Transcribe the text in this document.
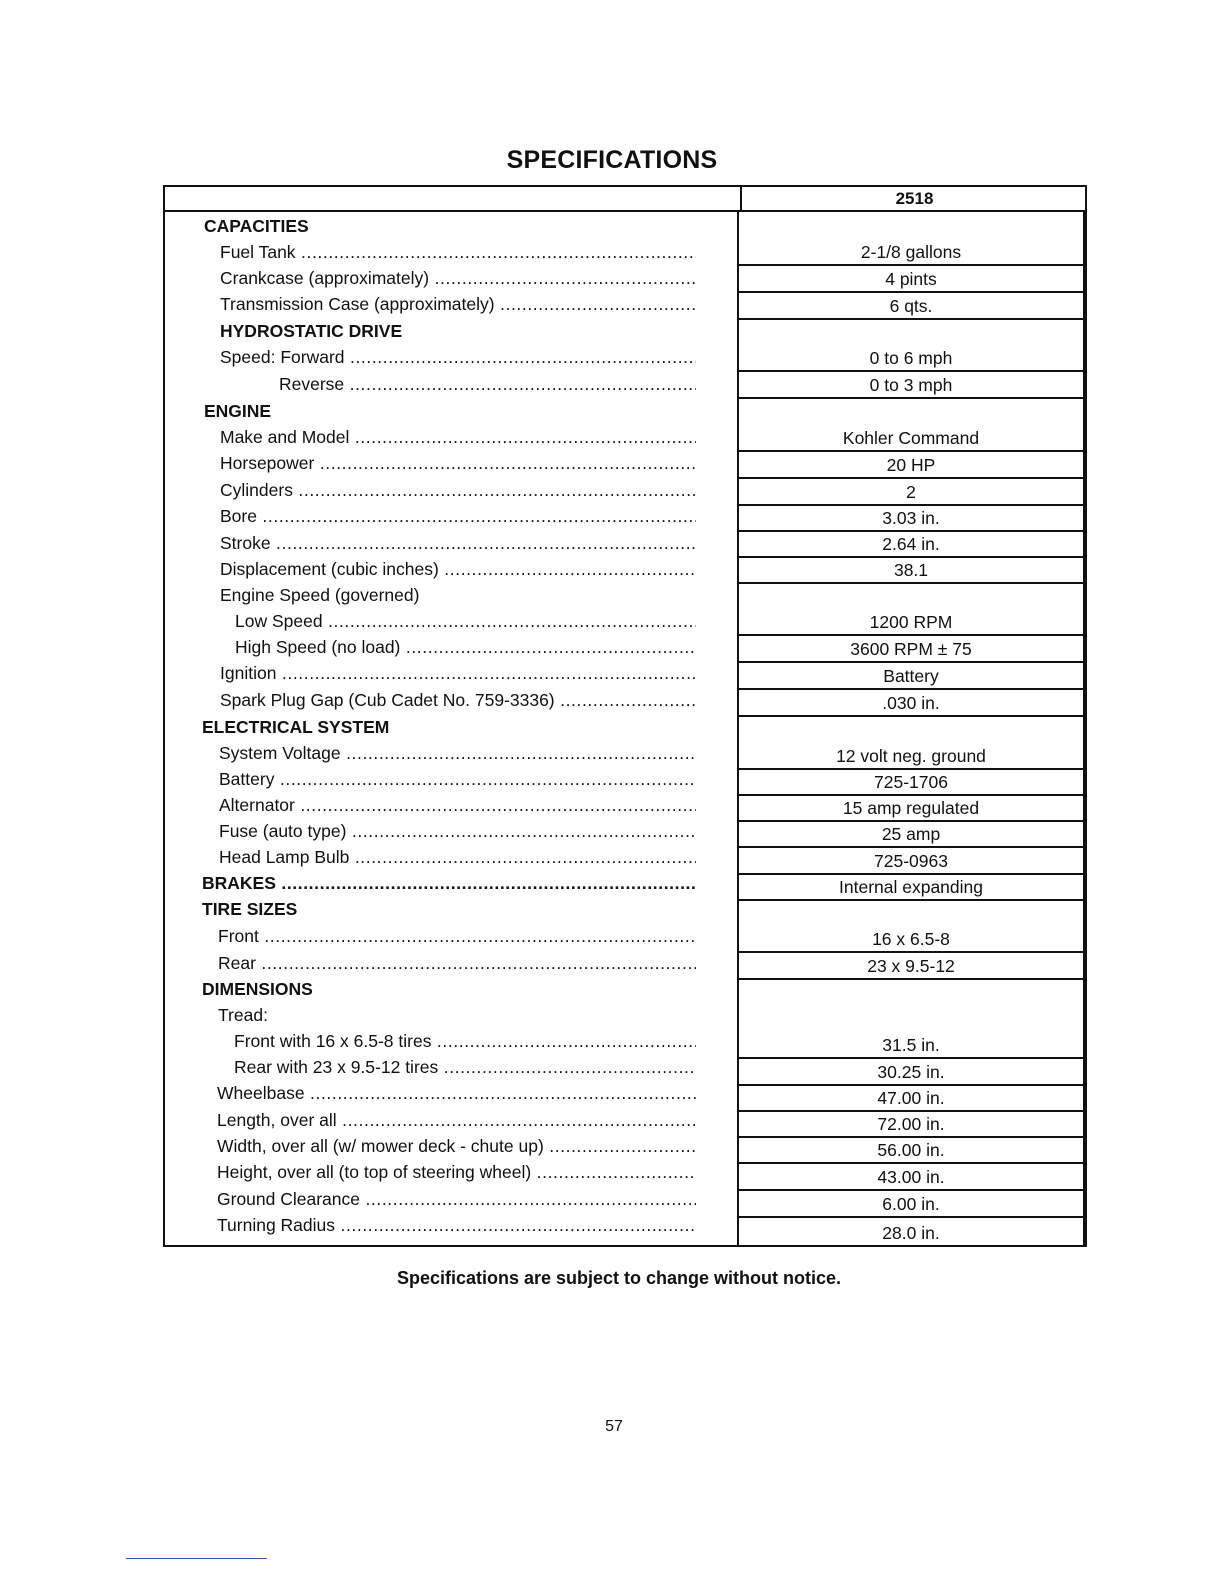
SPECIFICATIONS
2518
CAPACITIES
Fuel Tank .....
Crankcase (approximately) .....
Transmission Case (approximately) .....
HYDROSTATIC DRIVE
Speed: Forward .....
Reverse .....
ENGINE
Make and Model .....
Horsepower .....
Cylinders .....
Bore .....
Stroke .....
Displacement (cubic inches) .....
Engine Speed (governed)
Low Speed .....
High Speed (no load) .....
Ignition .....
Spark Plug Gap (Cub Cadet No. 759-3336) .....
ELECTRICAL SYSTEM
System Voltage .....
Battery .....
Alternator .....
Fuse (auto type) .....
Head Lamp Bulb .....
BRAKES .....
TIRE SIZES
Front .....
Rear .....
DIMENSIONS
Tread:
Front with 16 x 6.5-8 tires .....
Rear with 23 x 9.5-12 tires .....
Wheelbase .....
Length, over all .....
Width, over all (w/ mower deck - chute up) .....
Height, over all (to top of steering wheel) .....
Ground Clearance .....
Turning Radius .....
2-1/8 gallons
4 pints
6 qts.
0 to 6 mph
0 to 3 mph
Kohler Command
20 HP
2
3.03 in.
2.64 in.
38.1
1200 RPM
3600 RPM ± 75
Battery
.030 in.
12 volt neg. ground
725-1706
15 amp regulated
25 amp
725-0963
Internal expanding
16 x 6.5-8
23 x 9.5-12
31.5 in.
30.25 in.
47.00 in.
72.00 in.
56.00 in.
43.00 in.
6.00 in.
28.0 in.
Specifications are subject to change without notice.
57
